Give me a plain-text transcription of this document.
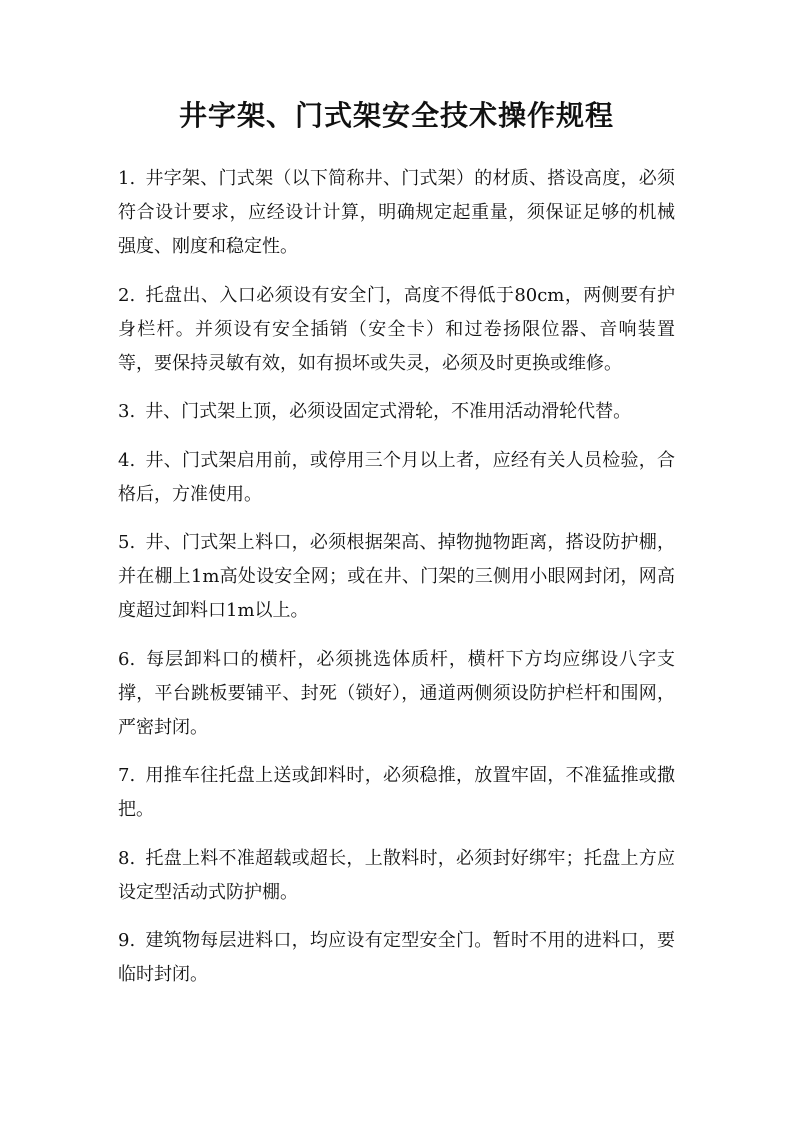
井字架、门式架安全技术操作规程
1. 井字架、门式架（以下简称井、门式架）的材质、搭设高度，必须符合设计要求，应经设计计算，明确规定起重量，须保证足够的机械强度、刚度和稳定性。
2. 托盘出、入口必须设有安全门，高度不得低于80cm，两侧要有护身栏杆。并须设有安全插销（安全卡）和过卷扬限位器、音响装置等，要保持灵敏有效，如有损坏或失灵，必须及时更换或维修。
3. 井、门式架上顶，必须设固定式滑轮，不准用活动滑轮代替。
4. 井、门式架启用前，或停用三个月以上者，应经有关人员检验，合格后，方准使用。
5. 井、门式架上料口，必须根据架高、掉物抛物距离，搭设防护棚，并在棚上1m高处设安全网；或在井、门架的三侧用小眼网封闭，网高度超过卸料口1m以上。
6. 每层卸料口的横杆，必须挑选体质杆，横杆下方均应绑设八字支撑，平台跳板要铺平、封死（锁好），通道两侧须设防护栏杆和围网，严密封闭。
7. 用推车往托盘上送或卸料时，必须稳推，放置牢固，不准猛推或撒把。
8. 托盘上料不准超载或超长，上散料时，必须封好绑牢；托盘上方应设定型活动式防护棚。
9. 建筑物每层进料口，均应设有定型安全门。暂时不用的进料口，要临时封闭。
